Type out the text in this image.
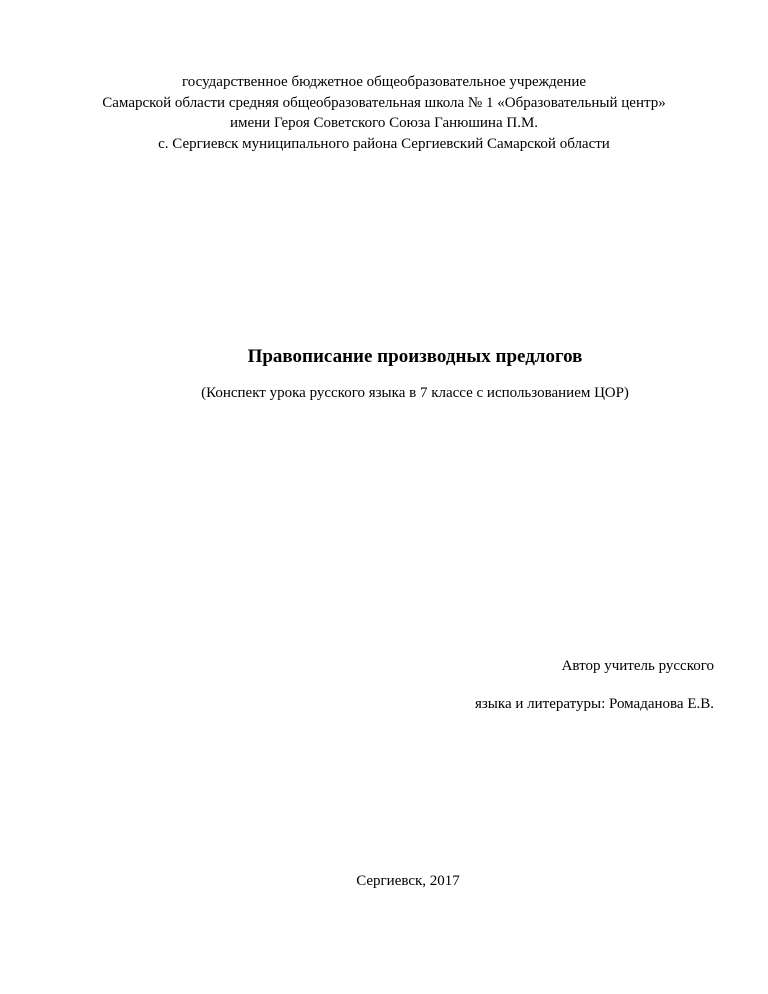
государственное бюджетное общеобразовательное учреждение
Самарской области средняя общеобразовательная школа № 1 «Образовательный центр»
имени Героя Советского Союза Ганюшина П.М.
с. Сергиевск муниципального района Сергиевский Самарской области
Правописание производных предлогов
(Конспект урока русского языка в 7 классе с использованием ЦОР)
Автор учитель русского
языка и литературы: Ромаданова Е.В.
Сергиевск, 2017
